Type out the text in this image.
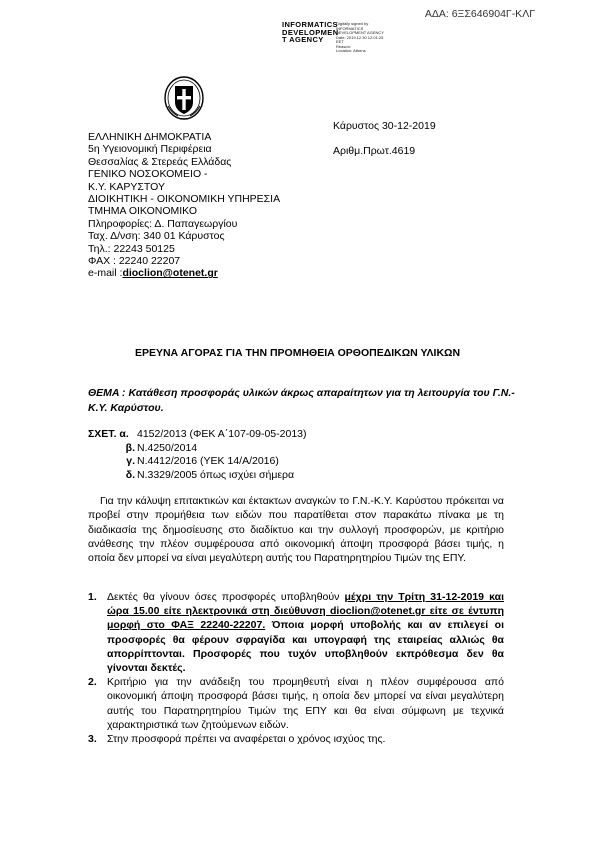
ΑΔΑ: 6ΞΣ646904Γ-ΚΛΓ
INFORMATICS
DEVELOPMEN
T AGENCY
Digitally signed by
INFORMATICS
DEVELOPMENT AGENCY
Date: 2019.12.30 12:01:25
EET
Reason:
Location: Athens
Κάρυστος 30-12-2019
Αριθμ.Πρωτ.4619
ΕΛΛΗΝΙΚΗ ΔΗΜΟΚΡΑΤΙΑ
5η Υγειονομική Περιφέρεια
Θεσσαλίας & Στερεάς Ελλάδας
ΓΕΝΙΚΟ ΝΟΣΟΚΟΜΕΙΟ -
Κ.Υ. ΚΑΡΥΣΤΟΥ
ΔΙΟΙΚΗΤΙΚΗ - ΟΙΚΟΝΟΜΙΚΗ ΥΠΗΡΕΣΙΑ
ΤΜΗΜΑ ΟΙΚΟΝΟΜΙΚΟ
Πληροφορίες: Δ. Παπαγεωργίου
Ταχ. Δ/νση: 340 01 Κάρυστος
Τηλ.: 22243 50125
ΦΑΧ : 22240 22207
e-mail :dioclion@otenet.gr
ΕΡΕΥΝΑ ΑΓΟΡΑΣ ΓΙΑ ΤΗΝ ΠΡΟΜΗΘΕΙΑ ΟΡΘΟΠΕΔΙΚΩΝ ΥΛΙΚΩΝ
ΘΕΜΑ : Κατάθεση προσφοράς υλικών άκρως απαραίτητων για τη λειτουργία του Γ.Ν.-Κ.Υ. Καρύστου.
ΣΧΕΤ. α. 4152/2013 (ΦΕΚ Α΄107-09-05-2013)
β. Ν.4250/2014
γ. Ν.4412/2016 (ΥΕΚ 14/Α/2016)
δ. Ν.3329/2005 όπως ισχύει σήμερα
Για την κάλυψη επιτακτικών και έκτακτων αναγκών το Γ.Ν.-Κ.Υ. Καρύστου πρόκειται να προβεί στην προμήθεια των ειδών που παρατίθεται στον παρακάτω πίνακα με τη διαδικασία της δημοσίευσης στο διαδίκτυο και την συλλογή προσφορών, με κριτήριο ανάθεσης την πλέον συμφέρουσα από οικονομική άποψη προσφορά βάσει τιμής, η οποία δεν μπορεί να είναι μεγαλύτερη αυτής του Παρατηρητηρίου Τιμών της ΕΠΥ.
1. Δεκτές θα γίνουν όσες προσφορές υποβληθούν μέχρι την Τρίτη 31-12-2019 και ώρα 15.00 είτε ηλεκτρονικά στη διεύθυνση dioclion@otenet.gr είτε σε έντυπη μορφή στο ΦΑΞ 22240-22207. Όποια μορφή υποβολής και αν επιλεγεί οι προσφορές θα φέρουν σφραγίδα και υπογραφή της εταιρείας αλλιώς θα απορρίπτονται. Προσφορές που τυχόν υποβληθούν εκπρόθεσμα δεν θα γίνονται δεκτές.
2. Κριτήριο για την ανάδειξη του προμηθευτή είναι η πλέον συμφέρουσα από οικονομική άποψη προσφορά βάσει τιμής, η οποία δεν μπορεί να είναι μεγαλύτερη αυτής του Παρατηρητηρίου Τιμών της ΕΠΥ και θα είναι σύμφωνη με τεχνικά χαρακτηριστικά των ζητούμενων ειδών.
3. Στην προσφορά πρέπει να αναφέρεται ο χρόνος ισχύος της.
